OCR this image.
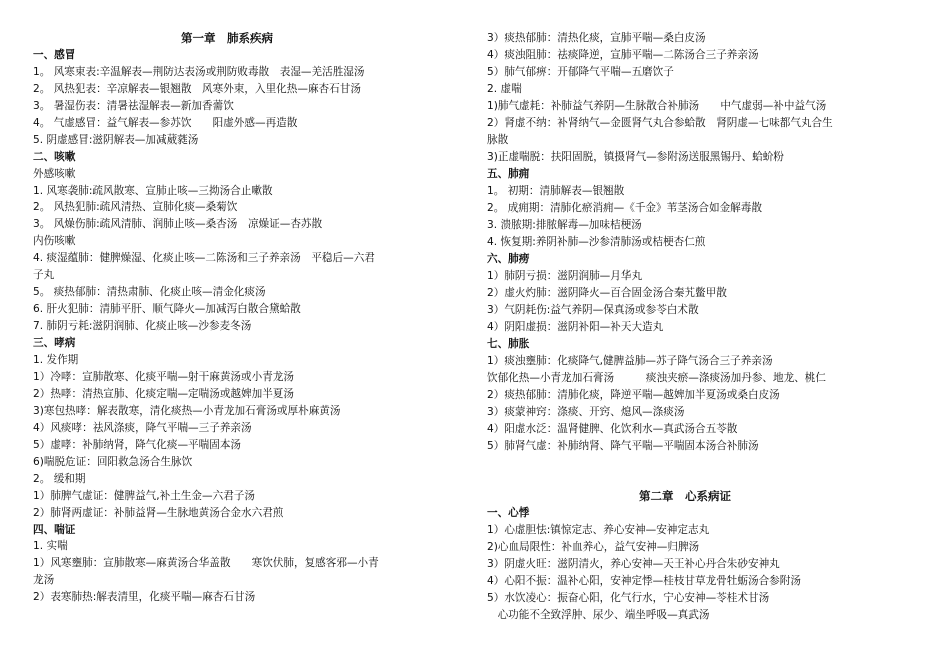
第一章　肺系疾病
一、感冒
1。 风寒束表:辛温解表—荆防达表汤或荆防败毒散　表湿—羌活胜湿汤
2。 风热犯表：辛凉解表—银翘散　风寒外束，入里化热—麻杏石甘汤
3。 暑湿伤表：清暑祛湿解表—新加香薷饮
4。 气虚感冒：益气解表—参苏饮　　阳虚外感—再造散
5. 阴虚感冒:滋阴解表—加减葳蕤汤
二、咳嗽
外感咳嗽
1. 风寒袭肺:疏风散寒、宣肺止咳—三拗汤合止嗽散
2。 风热犯肺:疏风清热、宣肺化痰—桑菊饮
3。 风燥伤肺:疏风清肺、润肺止咳—桑杏汤　凉燥证—杏苏散
内伤咳嗽
4. 痰湿蕴肺：健脾燥湿、化痰止咳—二陈汤和三子养亲汤　平稳后—六君
子丸
5。 痰热郁肺：清热肃肺、化痰止咳—清金化痰汤
6. 肝火犯肺：清肺平肝、顺气降火—加减泻白散合黛蛤散
7. 肺阴亏耗:滋阴润肺、化痰止咳—沙参麦冬汤
三、哮病
1. 发作期
1）冷哮：宣肺散寒、化痰平喘—射干麻黄汤或小青龙汤
2）热哮：清热宣肺、化痰定喘—定喘汤或越婢加半夏汤
3)寒包热哮：解表散寒，清化痰热—小青龙加石膏汤或厚朴麻黄汤
4）风痰哮：祛风涤痰，降气平喘—三子养亲汤
5）虚哮：补肺纳肾，降气化痰—平喘固本汤
6)喘脱危证：回阳救急汤合生脉饮
2。 缓和期
1）肺脾气虚证：健脾益气,补土生金—六君子汤
2）肺肾两虚证：补肺益肾—生脉地黄汤合金水六君煎
四、喘证
1. 实喘
1）风寒壅肺：宣肺散寒—麻黄汤合华盖散　　寒饮伏肺，复感客邪—小青
龙汤
2）表寒肺热:解表清里，化痰平喘—麻杏石甘汤
3）痰热郁肺：清热化痰，宣肺平喘—桑白皮汤
4）痰浊阻肺：祛痰降逆，宣肺平喘—二陈汤合三子养亲汤
5）肺气郁痹：开郁降气平喘—五磨饮子
2. 虚喘
1)肺气虚耗：补肺益气养阴—生脉散合补肺汤　　中气虚弱—补中益气汤
2）肾虚不纳：补肾纳气—金匮肾气丸合参蛤散　肾阴虚—七味都气丸合生
脉散
3)正虚喘脱：扶阳固脱，镇摄肾气—参附汤送服黑锡丹、蛤蚧粉
五、肺痈
1。 初期：清肺解表—银翘散
2。 成痈期：清肺化瘀消痈—《千金》苇茎汤合如金解毒散
3. 溃脓期:排脓解毒—加味桔梗汤
4. 恢复期:养阴补肺—沙参清肺汤或桔梗杏仁煎
六、肺痨
1）肺阴亏损：滋阴润肺—月华丸
2）虚火灼肺：滋阴降火—百合固金汤合秦艽鳖甲散
3）气阴耗伤:益气养阴—保真汤或参苓白术散
4）阴阳虚损：滋阴补阳—补天大造丸
七、肺胀
1）痰浊壅肺：化痰降气,健脾益肺—苏子降气汤合三子养亲汤
饮郁化热—小青龙加石膏汤　　　痰浊夹瘀—涤痰汤加丹参、地龙、桃仁
2）痰热郁肺：清肺化痰，降逆平喘—越婢加半夏汤或桑白皮汤
3）痰蒙神窍：涤痰、开窍、熄风—涤痰汤
4）阳虚水泛：温肾健脾、化饮利水—真武汤合五苓散
5）肺肾气虚：补肺纳肾、降气平喘—平喘固本汤合补肺汤
第二章　心系病证
一、心悸
1）心虚胆怯:镇惊定志、养心安神—安神定志丸
2)心血局限性：补血养心，益气安神—归脾汤
3）阴虚火旺：滋阴清火，养心安神—天王补心丹合朱砂安神丸
4）心阳不振：温补心阳，安神定悸—桂枝甘草龙骨牡蛎汤合参附汤
5）水饮凌心：振奋心阳，化气行水，宁心安神—苓桂术甘汤
　心功能不全致浮肿、尿少、端坐呼吸—真武汤
